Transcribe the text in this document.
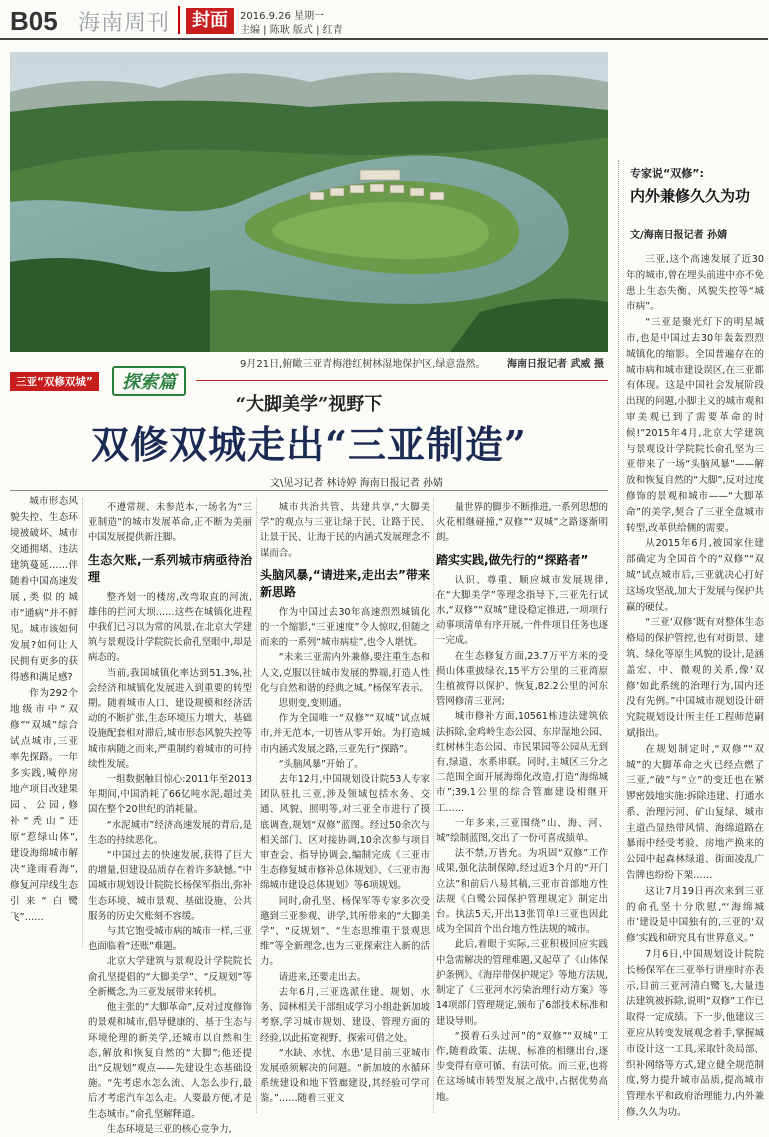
B05 海南周刊	封面	2016.9.26 星期一
主编 | 陈耿 版式 | 红青
9月21日,俯瞰三亚青梅港红树林湿地保护区,绿意盎然。 海南日报记者 武威 摄
三亚“双修双城”	探索篇
“大脚美学”视野下
双修双城走出“三亚制造”
文\见习记者 林诗婷 海南日报记者 孙婧

城市形态风貌失控、生态环境被破坏、城市交通拥堵、违法建筑蔓延……伴随着中国高速发展,类似的城市“通病”并不鲜见。城市该如何发展?如何让人民拥有更多的获得感和满足感?

作为292个地级市中“双修”“双城”综合试点城市,三亚率先探路。一年多实践,喊停房地产项目改建果园、公园,修补“秃山”还原“惹绿山体”,建设海绵城市解决“逢雨看海”,修复河岸线生态引来“白鹭飞”……

不遵常规、未参范本,一场名为“三亚制造”的城市发展革命,正不断为美丽中国发展提供新注脚。

生态欠账,一系列城市病亟待治理

整齐划一的楼房,改弯取直的河流,雄伟的拦河大坝……这些在城镇化进程中我们已习以为常的风景,在北京大学建筑与景观设计学院院长俞孔坚眼中,却是病态的。

当前,我国城镇化率达到51.3%,社会经济和城镇化发展进入到重要的转型期。随着城市人口、建设规模和经济活动的不断扩张,生态环境压力增大、基础设施配套相对滞后,城市形态风貌失控等城市病随之而来,严重制约着城市的可持续性发展。

一组数据触目惊心:2011年至2013年期间,中国消耗了66亿吨水泥,超过美国在整个20世纪的消耗量。

“水泥城市”经济高速发展的背后,是生态的持续恶化。

“中国过去的快速发展,获得了巨大的增量,但建设品质存在着许多缺憾。”中国城市规划设计院院长杨保军指出,弥补生态环境、城市景观、基础设施、公共服务的历史欠账刻不容缓。

与其它饱受城市病的城市一样,三亚也面临着“还账”难题。

北京大学建筑与景观设计学院院长俞孔坚提倡的“大脚美学”、“反规划”等全新概念,为三亚发展带来转机。

他主张的“大脚革命”,反对过度修饰的景观和城市,倡导健康的、基于生态与环境伦理的新美学,还城市以自然和生态,解放和恢复自然的“大脚”;他还提出“反规划”观点——先建设生态基础设施。“先考虑水怎么流、人怎么步行,最后才考虑汽车怎么走。人要最方便,才是生态城市。”俞孔坚解释道。

生态环境是三亚的核心竞争力,

城市共治共管、共建共享,“大脚美学”的观点与三亚让绿于民、让路于民、让景于民、让海于民的内涵式发展理念不谋而合。

头脑风暴,“请进来,走出去”带来新思路

作为中国过去30年高速烈烈城镇化的一个缩影,“三亚速度”令人惊叹,但随之而来的一系列“城市病症”,也令人堪忧。

“未来三亚需内外兼修,要注重生态和人文,克服以往城市发展的弊端,打造人性化与自然和谐的经典之城。”杨保军表示。

思则变,变则通。

作为全国唯一“双修”“双城”试点城市,并无范本,一切皆从零开始。为打造城市内涵式发展之路,三亚先行“探路”。

“头脑风暴”开始了。

去年12月,中国规划设计院53人专家团队驻扎三亚,涉及领域包括水务、交通、风貌、照明等,对三亚全市进行了摸底调查,规划“双修”蓝图。经过50余次与相关部门、区对接协调,10余次参与项目审查会、指导协调会,编制完成《三亚市生态修复城市修补总体规划》、《三亚市海绵城市建设总体规划》等6项规划。

同时,俞孔坚、杨保军等专家多次受邀到三亚参观、讲学,其所带来的“大脚美学”、“反规划”、“生态思维重于景观思维”等全新理念,也为三亚探索注入新的活力。

请进来,还要走出去。

去年6月,三亚选派住建、规划、水务、园林相关干部组成学习小组赴新加坡考察,学习城市规划、建设、管理方面的经验,以此拓宽视野、探索可借之处。

“水缺、水忧、水患’是目前三亚城市发展亟须解决的问题。“新加坡的水循环系统建设和地下管廊建设,其经验可学可鉴。”……随着三亚文

量世界的脚步不断推进,一系列思想的火花相继碰撞,“双修”“双城”之路逐渐明朗。

踏实实践,做先行的“探路者”

认识、尊重、顺应城市发展规律,在“大脚美学”等理念指导下,三亚先行试水,“双修”“双城”建设稳定推进,一项项行动事项清单有序开展,一件件项目任务也逐一完成。

在生态修复方面,23.7万平方米的受损山体重披绿衣,15平方公里的三亚湾原生植被得以保护、恢复,82.2公里的河东管网修清三亚河;

城市修补方面,10561栋违法建筑依法拆除,金鸡岭生态公园、东岸湿地公园、红树林生态公园、市民果园等公园从无到有,绿道、水系串联。同时,主城区三分之二范围全面开展海绵化改造,打造“海绵城市”;39.1公里的综合管廊建设相继开工……

一年多来,三亚围绕“山、海、河、城”绘制蓝图,交出了一份可喜成绩单。

法不禁,万皆允。为巩固“双修”工作成果,强化法制保障,经过近3个月的“开门立法”和前后八易其稿,三亚市首部地方性法规《白鹭公园保护管理规定》制定出台。执法5天,开出13张罚单!三亚也因此成为全国首个出台地方性法规的城市。

此后,着眼于实际,三亚积极回应实践中急需解决的管理难题,又起草了《山体保护条例》、《海岸带保护规定》等地方法规,制定了《三亚河水污染治理行动方案》等14项部门管理规定,颁布了6部技术标准和建设导则。

“摸着石头过河”的“双修”“双城”工作,随着政策、法规、标准的相继出台,逐步变得有章可循、有法可依。而三亚,也将在这场城市转型发展之战中,占据优势高地。

专家说“双修”:
内外兼修久久为功
文/海南日报记者 孙婧

三亚,这个高速发展了近30年的城市,曾在埋头前进中亦不免患上生态失衡、风貌失控等“城市病”。

“三亚是聚光灯下的明星城市,也是中国过去30年轰轰烈烈城镇化的缩影。全国普遍存在的城市病和城市建设误区,在三亚都有体现。这是中国社会发展阶段出现的问题,小脚主义的城市观和审美观已到了需要革命的时候!”2015年4月,北京大学建筑与景观设计学院院长俞孔坚为三亚带来了一场“头脑风暴”——解放和恢复自然的“大脚”,反对过度修饰的景观和城市——“大脚革命”的美学,契合了三亚全盘城市转型,改革供给侧的需要。

从2015年6月,被国家住建部确定为全国首个的“双修”“双城”试点城市后,三亚就决心打好这场攻坚战,加大于发展与保护共赢的硬仗。

“三亚‘双修’既有对整体生态格局的保护管控,也有对街景、建筑、绿化等原生风貌的设计,是涵盖宏、中、微观的关系,像‘双修’如此系统的治理行为,国内还没有先例。”中国城市规划设计研究院规划设计所主任工程师范嗣斌指出。

在规划制定时,“双修”“双城”的大脚革命之火已经点燃了三亚,“破”与“立”的变迁也在紧锣密鼓地实施:拆除违建、打通水系、治理污河、矿山复绿、城市主道凸显热带风情、海绵道路在暴雨中经受考验、房地产换来的公园中起森林绿道、街面凌乱广告牌也纷纷下架……

这让7月19日再次来到三亚的俞孔坚十分欣慰,“‘海绵城市’建设是中国独有的,三亚的‘双修’实践和研究具有世界意义。”

7月6日,中国规划设计院院长杨保军在三亚举行讲座时亦表示,目前三亚河清白鹭飞,大量违法建筑被拆除,说明“双修”工作已取得一定成绩。下一步,他建议三亚应从转变发展观念着手,掌握城市设计这一工具,采取针灸局部、织补网络等方式,建立健全规范制度,努力提升城市品质,提高城市管理水平和政府治理能力,内外兼修,久久为功。
